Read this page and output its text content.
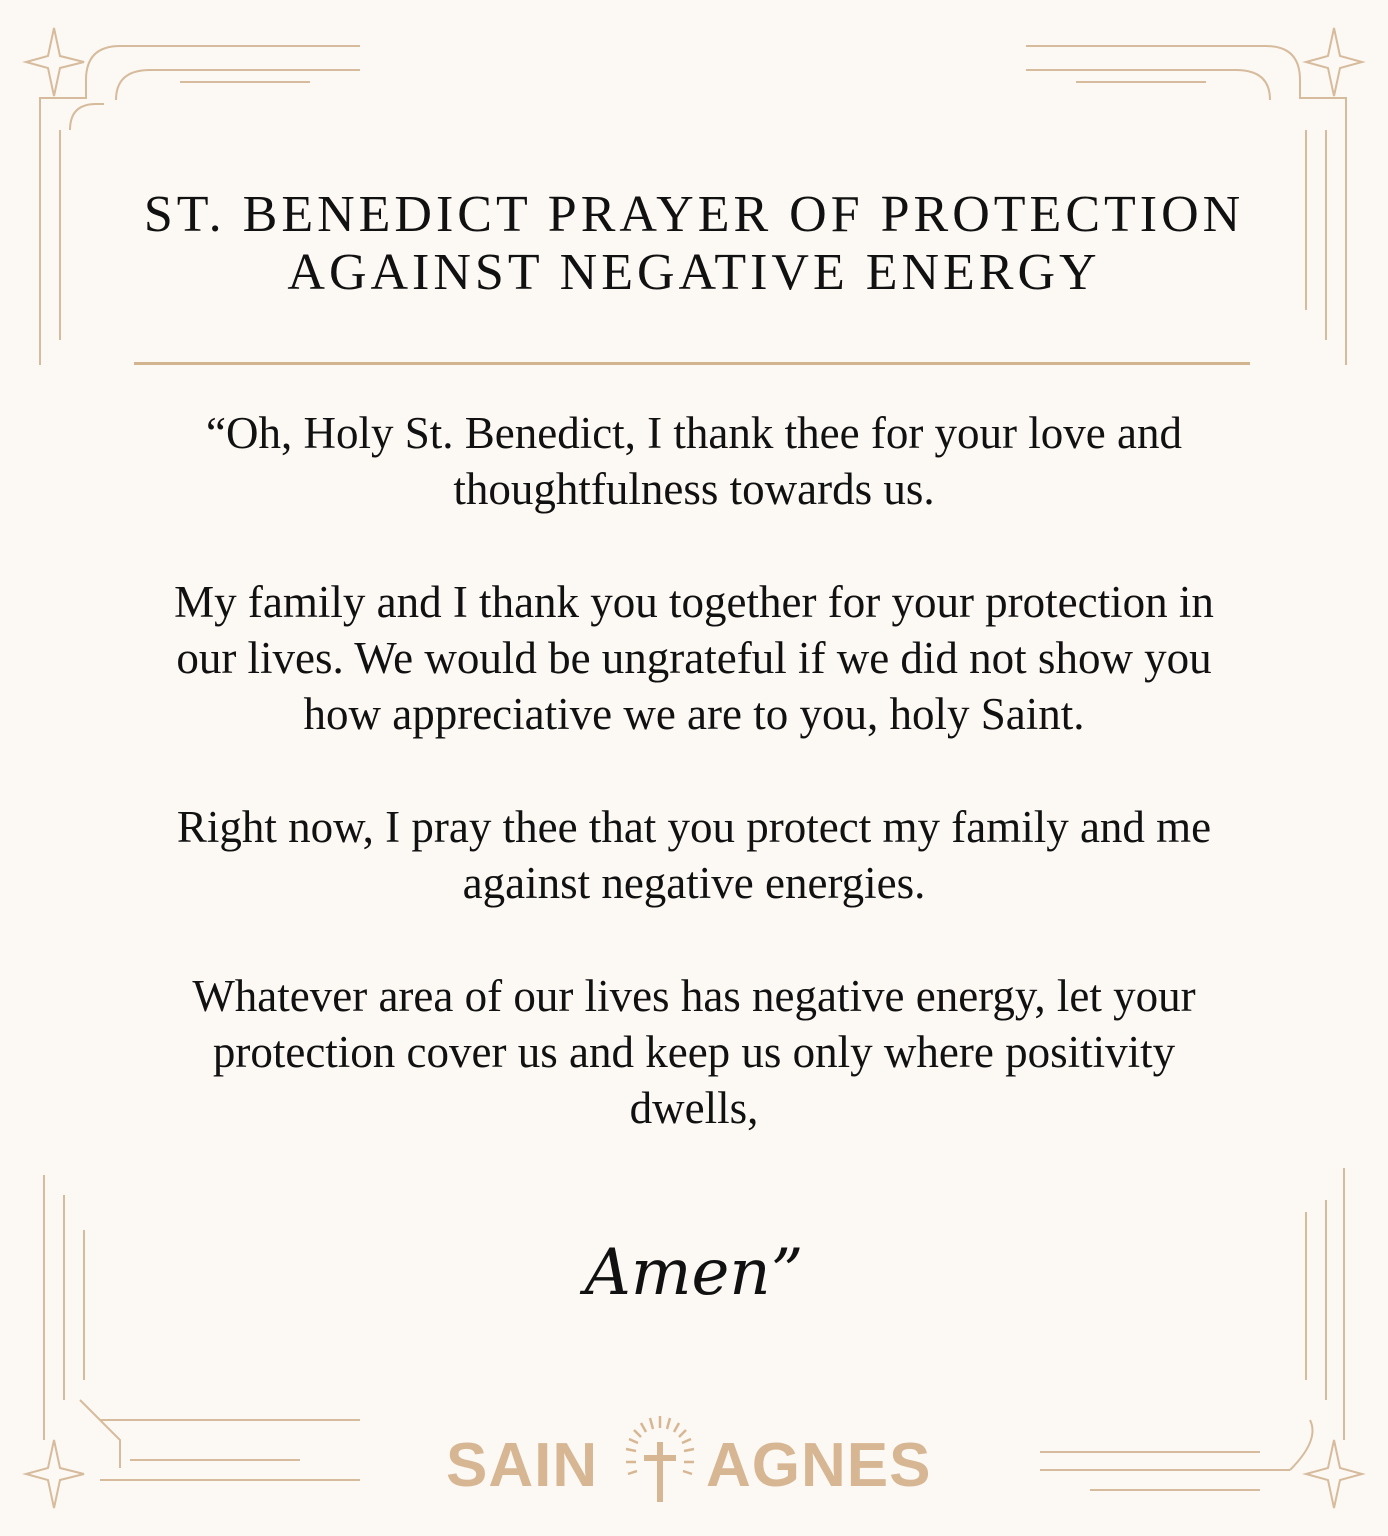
ST. BENEDICT PRAYER OF PROTECTION
AGAINST NEGATIVE ENERGY

“Oh, Holy St. Benedict, I thank thee for your love and
thoughtfulness towards us.

My family and I thank you together for your protection in
our lives. We would be ungrateful if we did not show you
how appreciative we are to you, holy Saint.

Right now, I pray thee that you protect my family and me
against negative energies.

Whatever area of our lives has negative energy, let your
protection cover us and keep us only where positivity
dwells,

Amen”
SAIN AGNES
